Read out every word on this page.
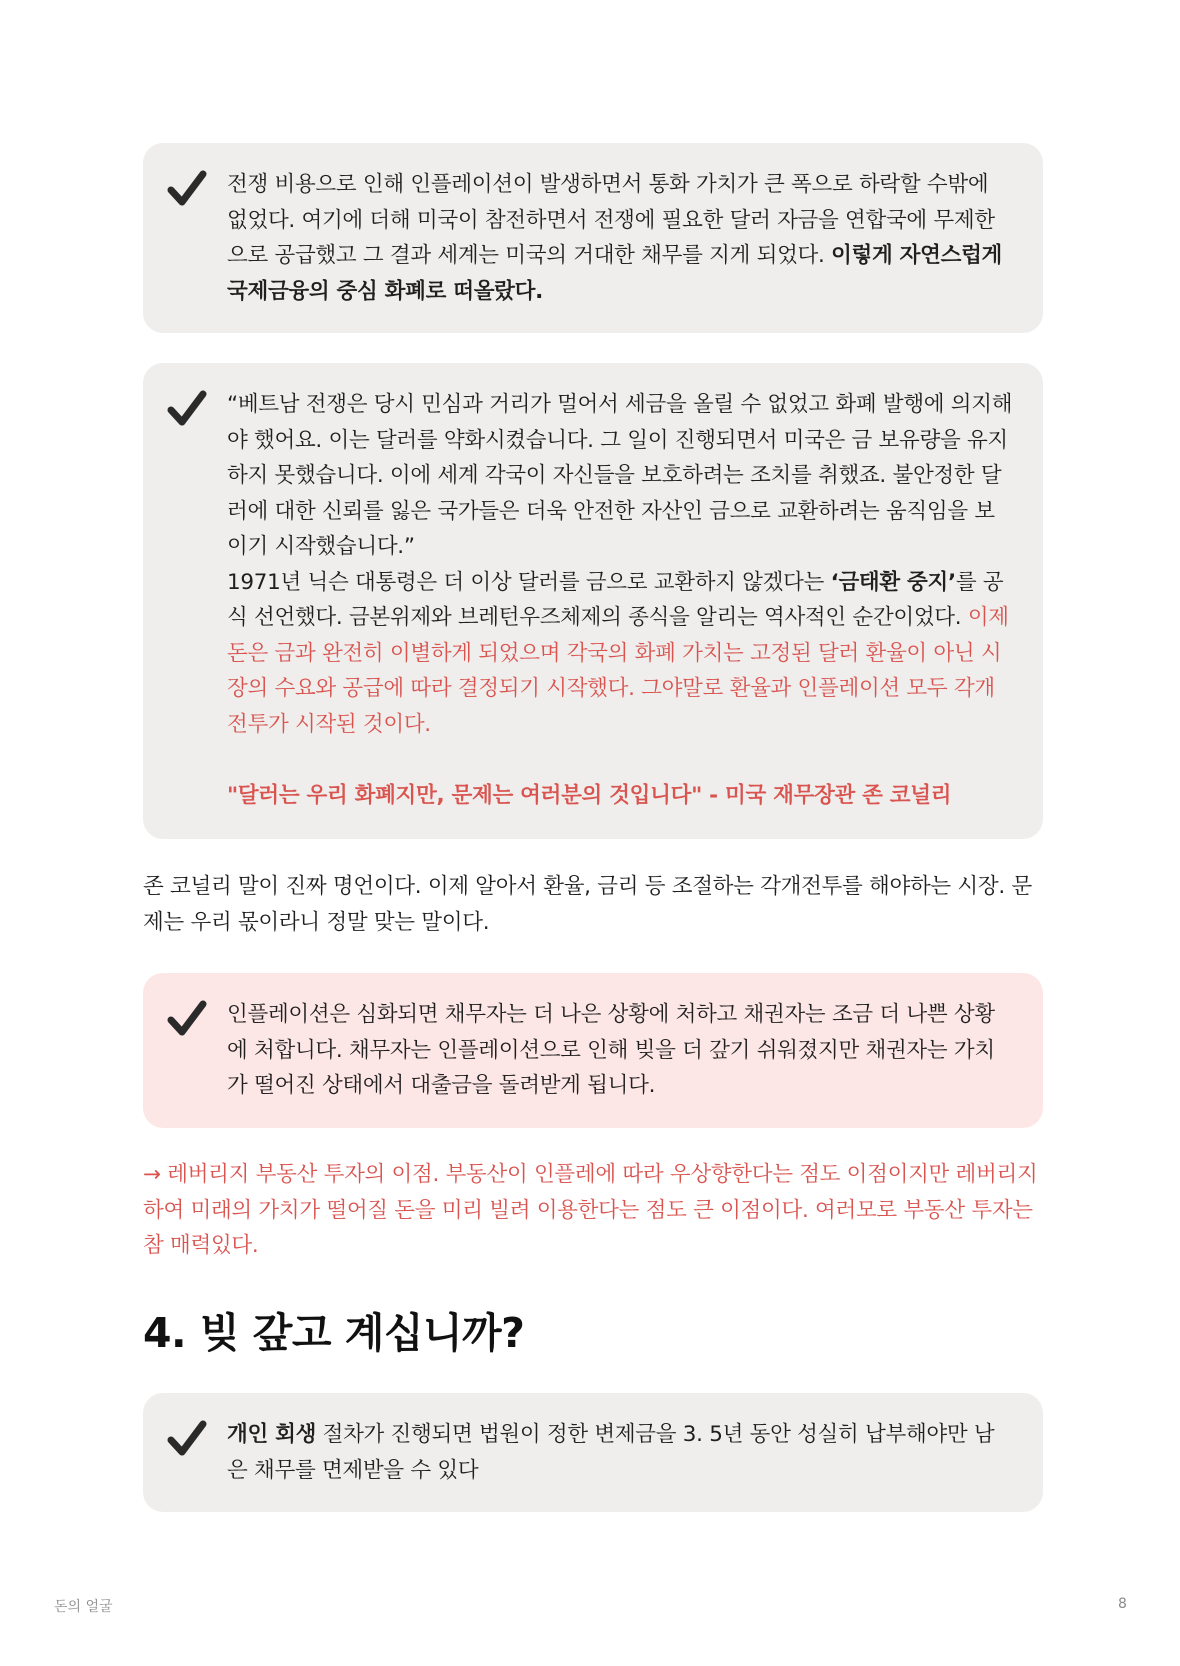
전쟁 비용으로 인해 인플레이션이 발생하면서 통화 가치가 큰 폭으로 하락할 수밖에 없었다. 여기에 더해 미국이 참전하면서 전쟁에 필요한 달러 자금을 연합국에 무제한으로 공급했고 그 결과 세계는 미국의 거대한 채무를 지게 되었다. 이렇게 자연스럽게 국제금융의 중심 화폐로 떠올랐다.

“베트남 전쟁은 당시 민심과 거리가 멀어서 세금을 올릴 수 없었고 화폐 발행에 의지해야 했어요. 이는 달러를 약화시켰습니다. 그 일이 진행되면서 미국은 금 보유량을 유지하지 못했습니다. 이에 세계 각국이 자신들을 보호하려는 조치를 취했죠. 불안정한 달러에 대한 신뢰를 잃은 국가들은 더욱 안전한 자산인 금으로 교환하려는 움직임을 보이기 시작했습니다.”

1971년 닉슨 대통령은 더 이상 달러를 금으로 교환하지 않겠다는 ‘금태환 중지’를 공식 선언했다. 금본위제와 브레턴우즈체제의 종식을 알리는 역사적인 순간이었다. 이제 돈은 금과 완전히 이별하게 되었으며 각국의 화폐 가치는 고정된 달러 환율이 아닌 시장의 수요와 공급에 따라 결정되기 시작했다. 그야말로 환율과 인플레이션 모두 각개전투가 시작된 것이다.

"달러는 우리 화폐지만, 문제는 여러분의 것입니다" - 미국 재무장관 존 코널리

존 코널리 말이 진짜 명언이다. 이제 알아서 환율, 금리 등 조절하는 각개전투를 해야하는 시장. 문제는 우리 몫이라니 정말 맞는 말이다.

인플레이션은 심화되면 채무자는 더 나은 상황에 처하고 채권자는 조금 더 나쁜 상황에 처합니다. 채무자는 인플레이션으로 인해 빚을 더 갚기 쉬워졌지만 채권자는 가치가 떨어진 상태에서 대출금을 돌려받게 됩니다.

→ 레버리지 부동산 투자의 이점. 부동산이 인플레에 따라 우상향한다는 점도 이점이지만 레버리지하여 미래의 가치가 떨어질 돈을 미리 빌려 이용한다는 점도 큰 이점이다. 여러모로 부동산 투자는 참 매력있다.

4. 빚 갚고 계십니까?

개인 회생 절차가 진행되면 법원이 정한 변제금을 3. 5년 동안 성실히 납부해야만 남은 채무를 면제받을 수 있다

돈의 얼굴	8
